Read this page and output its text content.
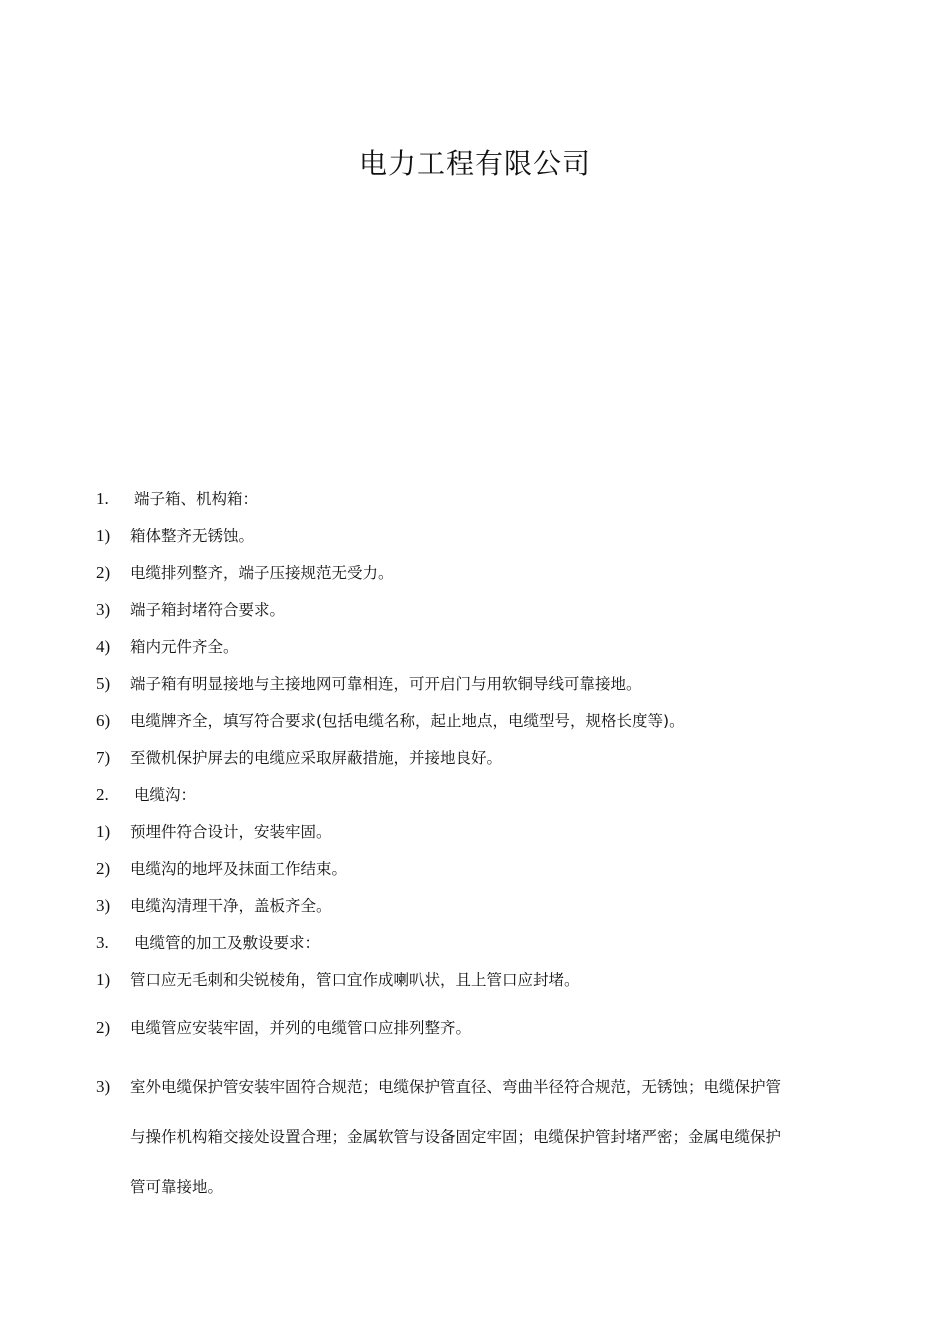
电力工程有限公司
1. 端子箱、机构箱：
1) 箱体整齐无锈蚀。
2) 电缆排列整齐，端子压接规范无受力。
3) 端子箱封堵符合要求。
4) 箱内元件齐全。
5) 端子箱有明显接地与主接地网可靠相连，可开启门与用软铜导线可靠接地。
6) 电缆牌齐全，填写符合要求(包括电缆名称，起止地点，电缆型号，规格长度等)。
7) 至微机保护屏去的电缆应采取屏蔽措施，并接地良好。
2. 电缆沟：
1) 预埋件符合设计，安装牢固。
2) 电缆沟的地坪及抹面工作结束。
3) 电缆沟清理干净，盖板齐全。
3. 电缆管的加工及敷设要求：
1) 管口应无毛刺和尖锐棱角，管口宜作成喇叭状，且上管口应封堵。
2) 电缆管应安装牢固，并列的电缆管口应排列整齐。
3) 室外电缆保护管安装牢固符合规范；电缆保护管直径、弯曲半径符合规范，无锈蚀；电缆保护管
与操作机构箱交接处设置合理；金属软管与设备固定牢固；电缆保护管封堵严密；金属电缆保护
管可靠接地。
